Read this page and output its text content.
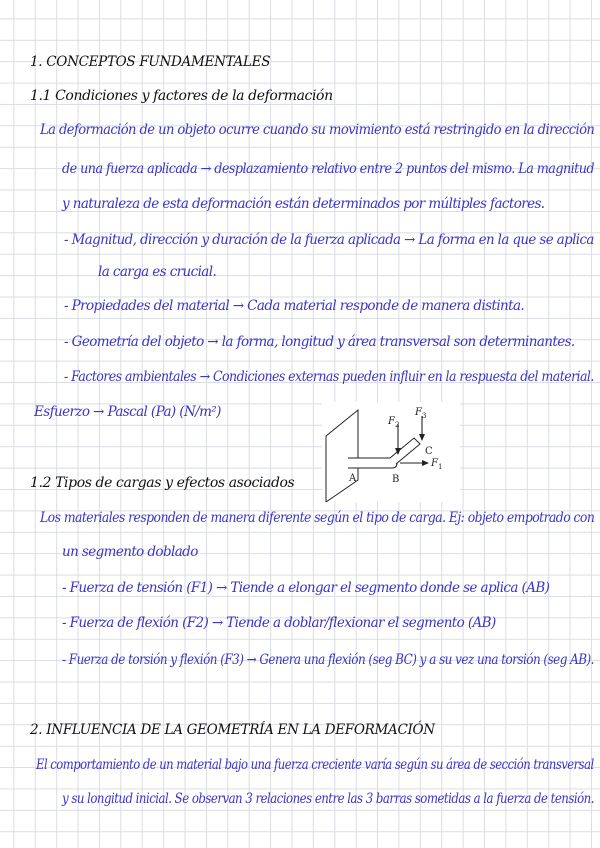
1. CONCEPTOS FUNDAMENTALES
1.1 Condiciones y factores de la deformación
La deformación de un objeto ocurre cuando su movimiento está restringido en la dirección
de una fuerza aplicada → desplazamiento relativo entre 2 puntos del mismo. La magnitud
y naturaleza de esta deformación están determinados por múltiples factores.
- Magnitud, dirección y duración de la fuerza aplicada → La forma en la que se aplica
la carga es crucial.
- Propiedades del material → Cada material responde de manera distinta.
- Geometría del objeto → la forma, longitud y área transversal son determinantes.
- Factores ambientales → Condiciones externas pueden influir en la respuesta del material.
Esfuerzo → Pascal (Pa) (N/m²)
A	B
C
F 2
F 3
F 1
1.2 Tipos de cargas y efectos asociados
Los materiales responden de manera diferente según el tipo de carga. Ej: objeto empotrado con
un segmento doblado
- Fuerza de tensión (F1) → Tiende a elongar el segmento donde se aplica (AB)
- Fuerza de flexión (F2) → Tiende a doblar/flexionar el segmento (AB)
- Fuerza de torsión y flexión (F3) → Genera una flexión (seg BC) y a su vez una torsión (seg AB).
2. INFLUENCIA DE LA GEOMETRÍA EN LA DEFORMACIÓN
El comportamiento de un material bajo una fuerza creciente varía según su área de sección transversal
y su longitud inicial. Se observan 3 relaciones entre las 3 barras sometidas a la fuerza de tensión.
